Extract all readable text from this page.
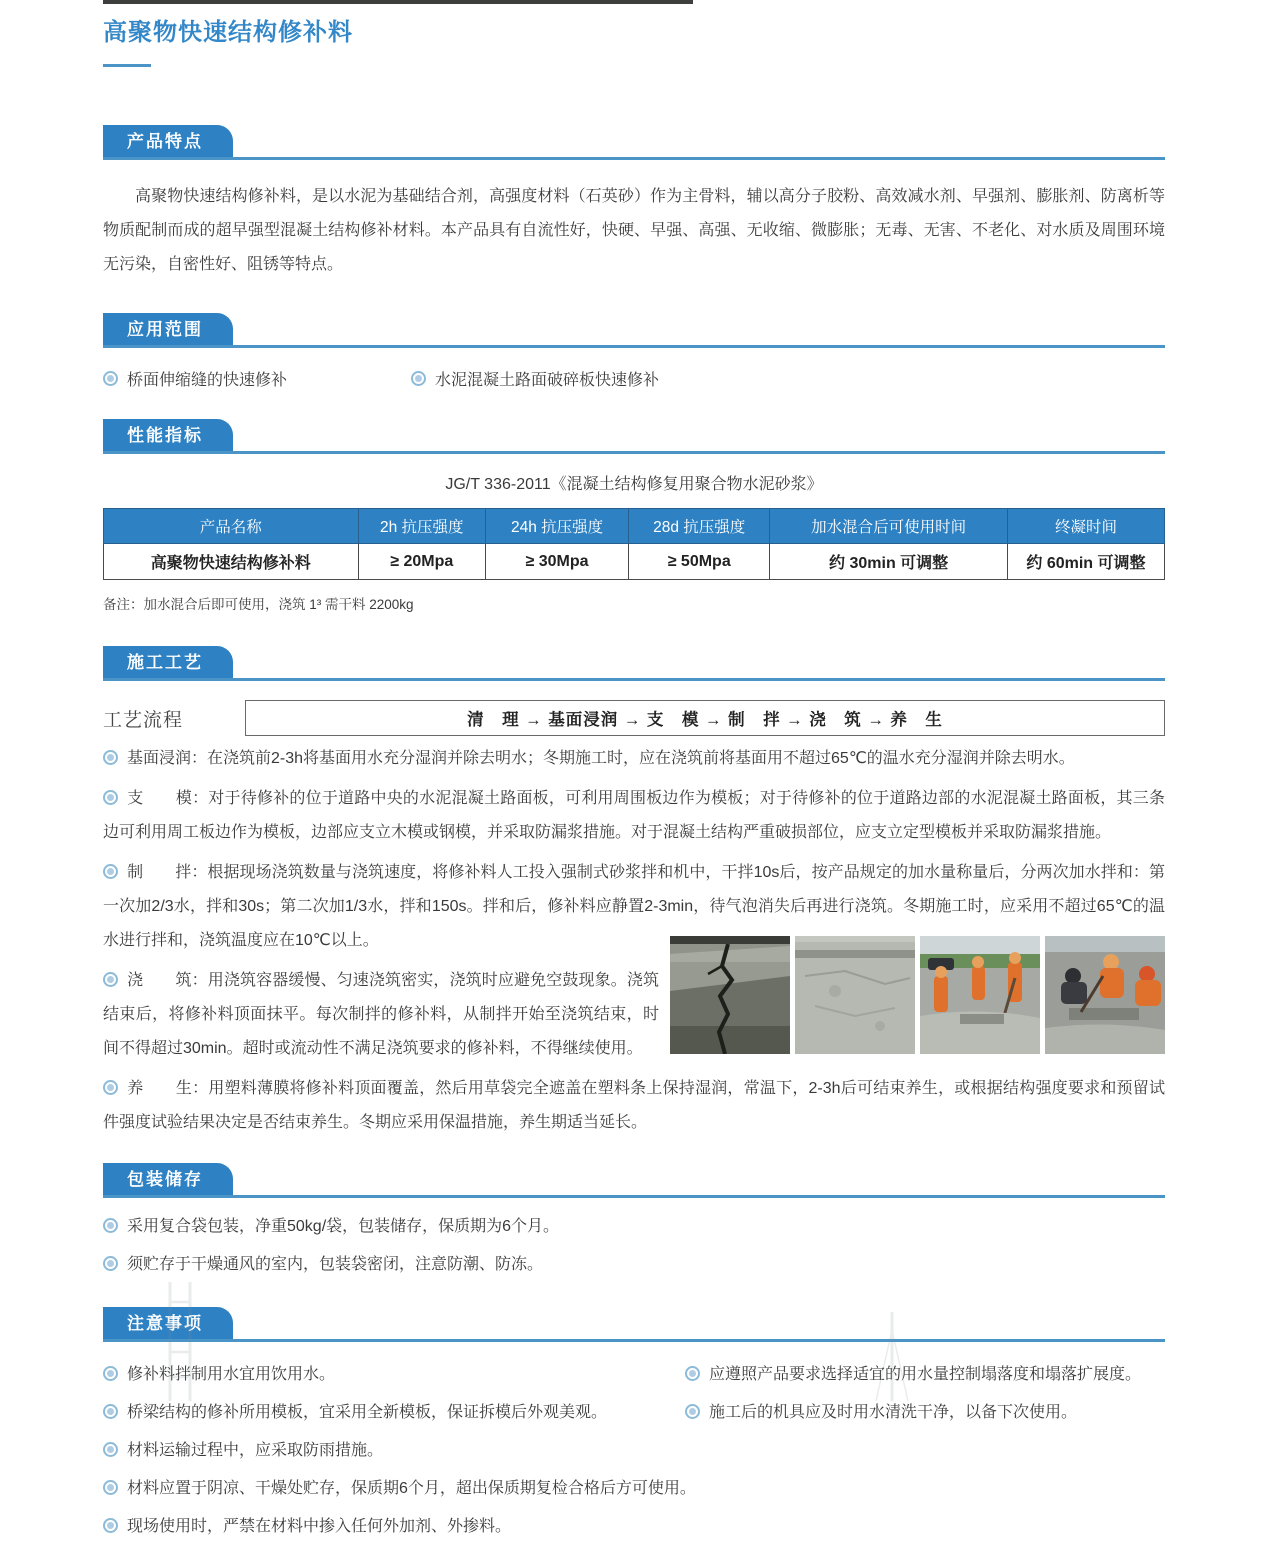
高聚物快速结构修补料
产品特点

高聚物快速结构修补料，是以水泥为基础结合剂，高强度材料（石英砂）作为主骨料，辅以高分子胶粉、高效减水剂、早强剂、膨胀剂、防离析等物质配制而成的超早强型混凝土结构修补材料。本产品具有自流性好，快硬、早强、高强、无收缩、微膨胀；无毒、无害、不老化、对水质及周围环境无污染，自密性好、阻锈等特点。

应用范围
桥面伸缩缝的快速修补	水泥混凝土路面破碎板快速修补
性能指标
JG/T 336-2011《混凝土结构修复用聚合物水泥砂浆》
产品名称	2h 抗压强度	24h 抗压强度	28d 抗压强度	加水混合后可使用时间	终凝时间
高聚物快速结构修补料	≥ 20Mpa	≥ 30Mpa	≥ 50Mpa	约 30min 可调整	约 60min 可调整
备注：加水混合后即可使用，浇筑 1³ 需干料 2200kg
施工工艺
工艺流程	清　理 → 基面浸润 → 支　模 → 制　拌 → 浇　筑 → 养　生

基面浸润：在浇筑前2-3h将基面用水充分湿润并除去明水；冬期施工时，应在浇筑前将基面用不超过65℃的温水充分湿润并除去明水。

支　　模：对于待修补的位于道路中央的水泥混凝土路面板，可利用周围板边作为模板；对于待修补的位于道路边部的水泥混凝土路面板，其三条边可利用周工板边作为模板，边部应支立木模或钢模，并采取防漏浆措施。对于混凝土结构严重破损部位，应支立定型模板并采取防漏浆措施。

制　　拌：根据现场浇筑数量与浇筑速度，将修补料人工投入强制式砂浆拌和机中，干拌10s后，按产品规定的加水量称量后，分两次加水拌和：第一次加2/3水，拌和30s；第二次加1/3水，拌和150s。拌和后，修补料应静置2-3min，待气泡消失后再进行浇筑。冬期施工时，应采用不超过65℃的温水进行拌和，浇筑温度应在10℃以上。

浇　　筑：用浇筑容器缓慢、匀速浇筑密实，浇筑时应避免空鼓现象。浇筑结束后，将修补料顶面抹平。每次制拌的修补料，从制拌开始至浇筑结束，时间不得超过30min。超时或流动性不满足浇筑要求的修补料，不得继续使用。

养　　生：用塑料薄膜将修补料顶面覆盖，然后用草袋完全遮盖在塑料条上保持湿润，常温下，2-3h后可结束养生，或根据结构强度要求和预留试件强度试验结果决定是否结束养生。冬期应采用保温措施，养生期适当延长。

包装储存
采用复合袋包装，净重50kg/袋，包装储存，保质期为6个月。
须贮存于干燥通风的室内，包装袋密闭，注意防潮、防冻。
注意事项
修补料拌制用水宜用饮用水。	应遵照产品要求选择适宜的用水量控制塌落度和塌落扩展度。
桥梁结构的修补所用模板，宜采用全新模板，保证拆模后外观美观。	施工后的机具应及时用水清洗干净，以备下次使用。
材料运输过程中，应采取防雨措施。
材料应置于阴凉、干燥处贮存，保质期6个月，超出保质期复检合格后方可使用。
现场使用时，严禁在材料中掺入任何外加剂、外掺料。
